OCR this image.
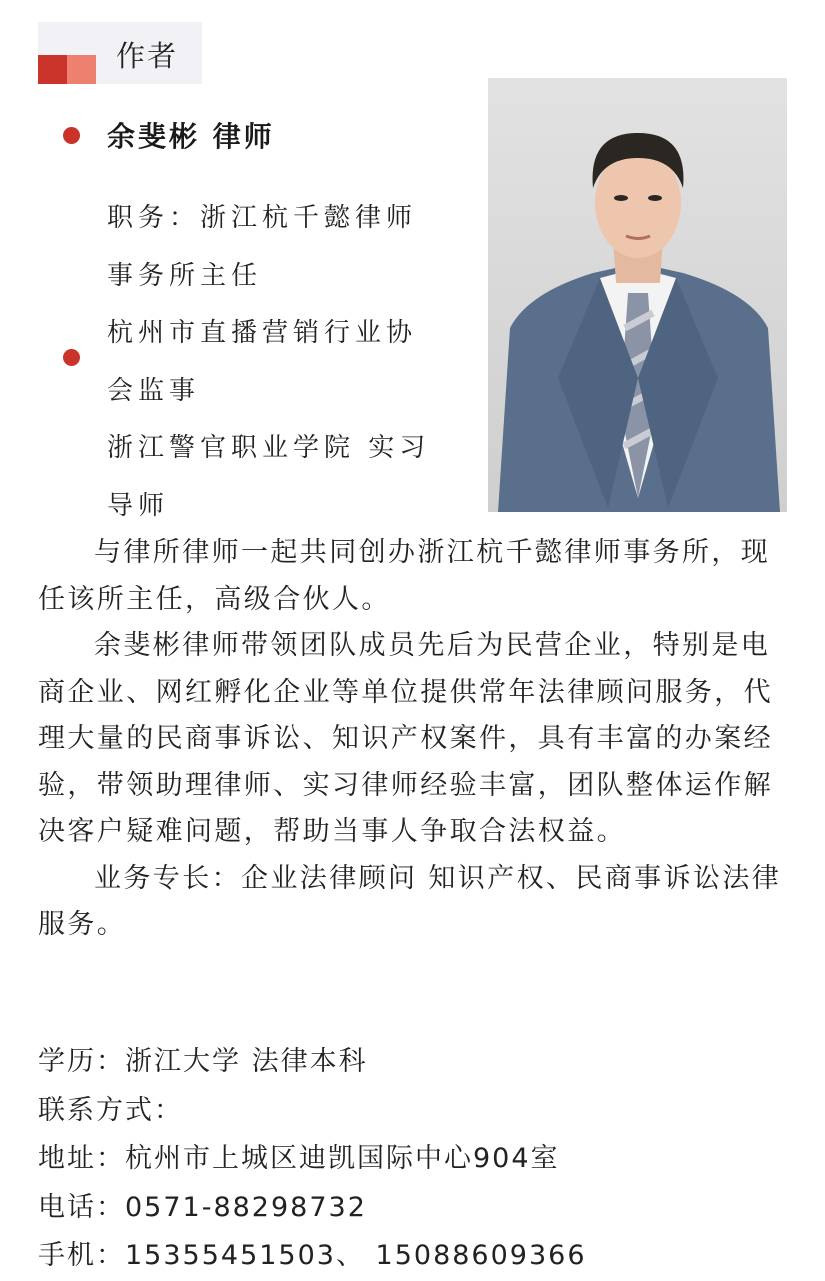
作者
余斐彬 律师
职务：浙江杭千懿律师
事务所主任
杭州市直播营销行业协
会监事
浙江警官职业学院 实习
导师

与律所律师一起共同创办浙江杭千懿律师事务所，现任该所主任，高级合伙人。

余斐彬律师带领团队成员先后为民营企业，特别是电商企业、网红孵化企业等单位提供常年法律顾问服务，代理大量的民商事诉讼、知识产权案件，具有丰富的办案经验，带领助理律师、实习律师经验丰富，团队整体运作解决客户疑难问题，帮助当事人争取合法权益。

业务专长：企业法律顾问 知识产权、民商事诉讼法律服务。

学历：浙江大学 法律本科
联系方式：
地址：杭州市上城区迪凯国际中心904室
电话：0571-88298732
手机：15355451503、 15088609366
